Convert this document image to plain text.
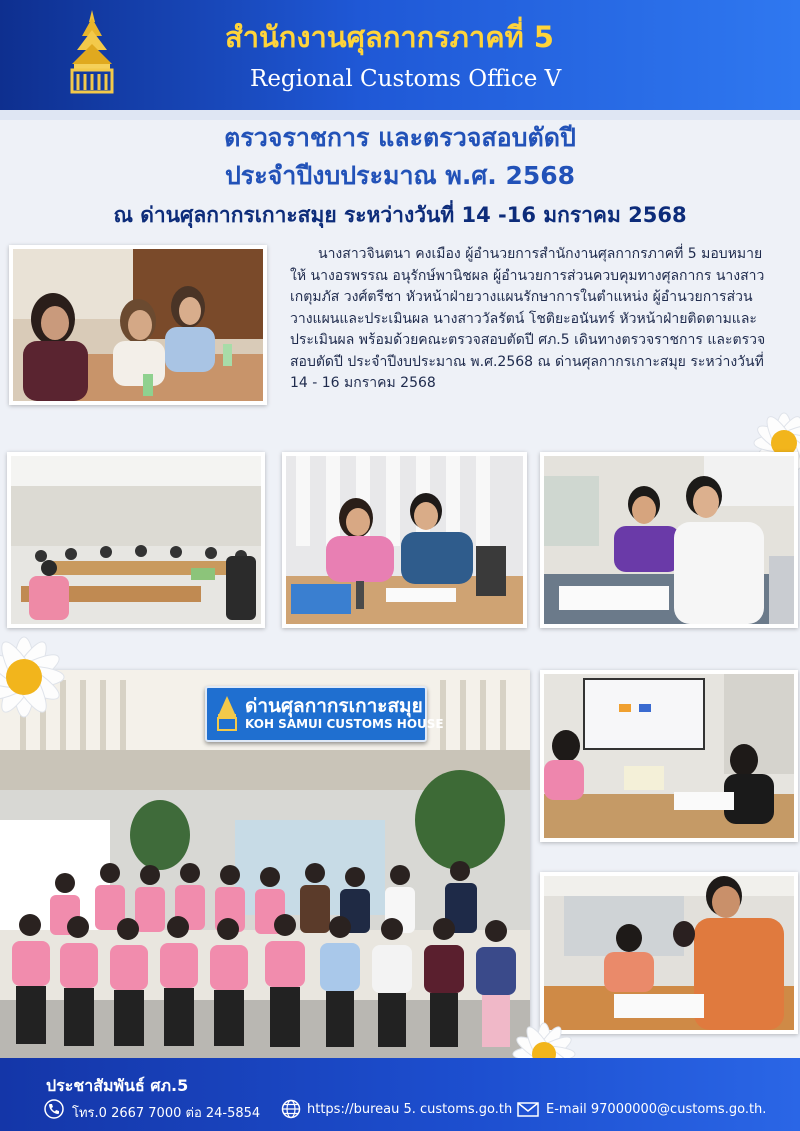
สำนักงานศุลกากรภาคที่ 5
Regional Customs Office V
ตรวจราชการ และตรวจสอบตัดปี
ประจำปีงบประมาณ พ.ศ. 2568
ณ ด่านศุลกากรเกาะสมุย ระหว่างวันที่ 14 -16 มกราคม 2568
นางสาวจินตนา คงเมือง ผู้อำนวยการสำนักงานศุลกากรภาคที่ 5 มอบหมายให้ นางอรพรรณ อนุรักษ์พานิชผล ผู้อำนวยการส่วนควบคุมทางศุลกากร นางสาวเกตุมภัส วงศ์ตรีชา หัวหน้าฝ่ายวางแผนรักษาการในตำแหน่ง ผู้อำนวยการส่วนวางแผนและประเมินผล นางสาววัลรัตน์ โชติยะอนันทร์ หัวหน้าฝ่ายติดตามและประเมินผล พร้อมด้วยคณะตรวจสอบตัดปี ศภ.5 เดินทางตรวจราชการ และตรวจสอบตัดปี ประจำปีงบประมาณ พ.ศ.2568 ณ ด่านศุลกากรเกาะสมุย ระหว่างวันที่ 14 - 16 มกราคม 2568
ด่านศุลกากรเกาะสมุย
KOH SAMUI CUSTOMS HOUSE
ประชาสัมพันธ์ ศภ.5
โทร.0 2667 7000 ต่อ 24-5854	https://bureau 5. customs.go.th	E-mail 97000000@customs.go.th.
